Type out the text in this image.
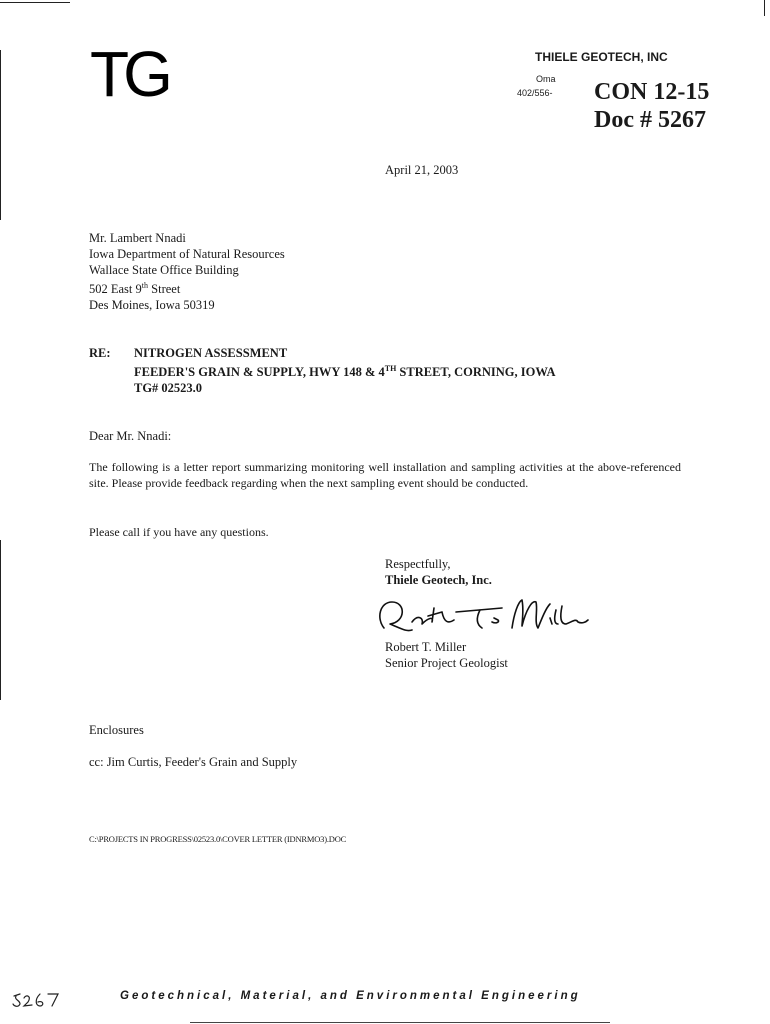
TG	THIELE GEOTECH, INC
Oma
402/556- CON 12-15
Doc # 5267
April 21, 2003
Mr. Lambert Nnadi
Iowa Department of Natural Resources
Wallace State Office Building
502 East 9th Street
Des Moines, Iowa 50319
RE: NITROGEN ASSESSMENT
FEEDER'S GRAIN & SUPPLY, HWY 148 & 4TH STREET, CORNING, IOWA
TG# 02523.0
Dear Mr. Nnadi:
The following is a letter report summarizing monitoring well installation and sampling activities at the above-referenced site. Please provide feedback regarding when the next sampling event should be conducted.
Please call if you have any questions.
Respectfully,
Thiele Geotech, Inc.
Robert T. Miller
Senior Project Geologist
Enclosures
cc: Jim Curtis, Feeder's Grain and Supply
C:\PROJECTS IN PROGRESS\02523.0\COVER LETTER (IDNRMO3).DOC
Geotechnical, Material, and Environmental Engineering
